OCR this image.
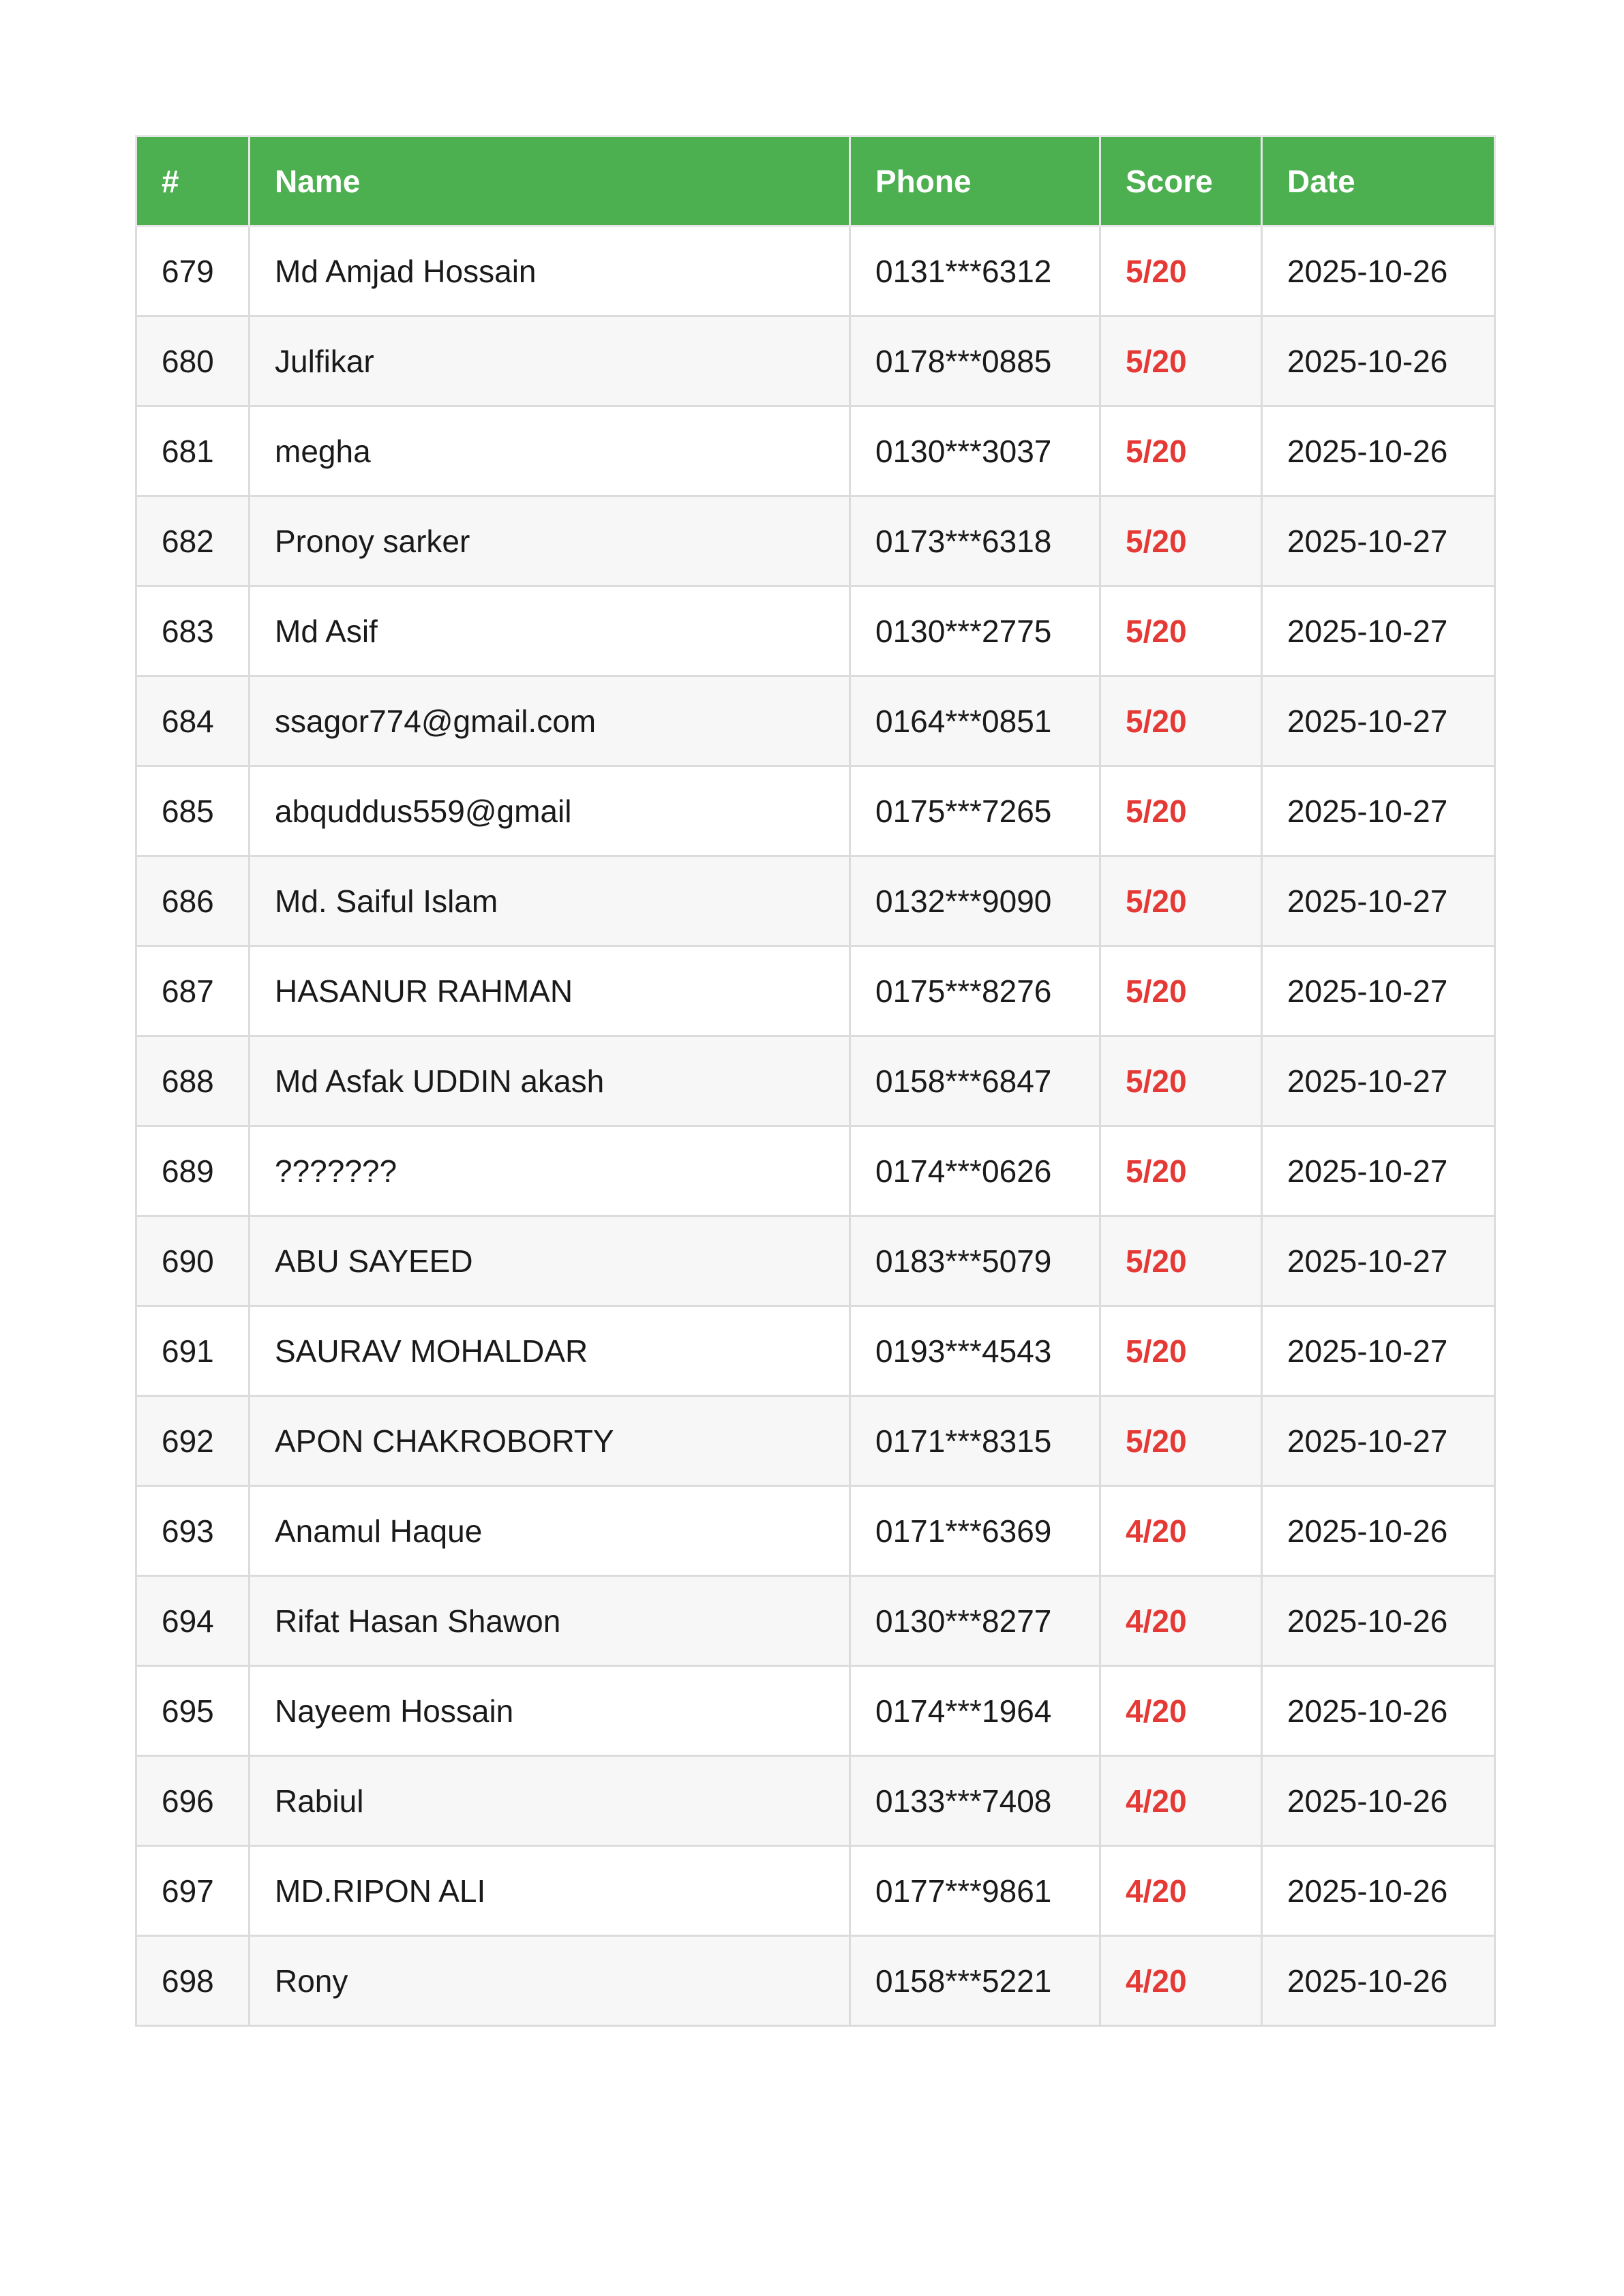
#	Name	Phone	Score	Date
679	Md Amjad Hossain	0131***6312	5/20	2025-10-26
680	Julfikar	0178***0885	5/20	2025-10-26
681	megha	0130***3037	5/20	2025-10-26
682	Pronoy sarker	0173***6318	5/20	2025-10-27
683	Md Asif	0130***2775	5/20	2025-10-27
684	ssagor774@gmail.com	0164***0851	5/20	2025-10-27
685	abquddus559@gmail	0175***7265	5/20	2025-10-27
686	Md. Saiful Islam	0132***9090	5/20	2025-10-27
687	HASANUR RAHMAN	0175***8276	5/20	2025-10-27
688	Md Asfak UDDIN akash	0158***6847	5/20	2025-10-27
689	???????	0174***0626	5/20	2025-10-27
690	ABU SAYEED	0183***5079	5/20	2025-10-27
691	SAURAV MOHALDAR	0193***4543	5/20	2025-10-27
692	APON CHAKROBORTY	0171***8315	5/20	2025-10-27
693	Anamul Haque	0171***6369	4/20	2025-10-26
694	Rifat Hasan Shawon	0130***8277	4/20	2025-10-26
695	Nayeem Hossain	0174***1964	4/20	2025-10-26
696	Rabiul	0133***7408	4/20	2025-10-26
697	MD.RIPON ALI	0177***9861	4/20	2025-10-26
698	Rony	0158***5221	4/20	2025-10-26
